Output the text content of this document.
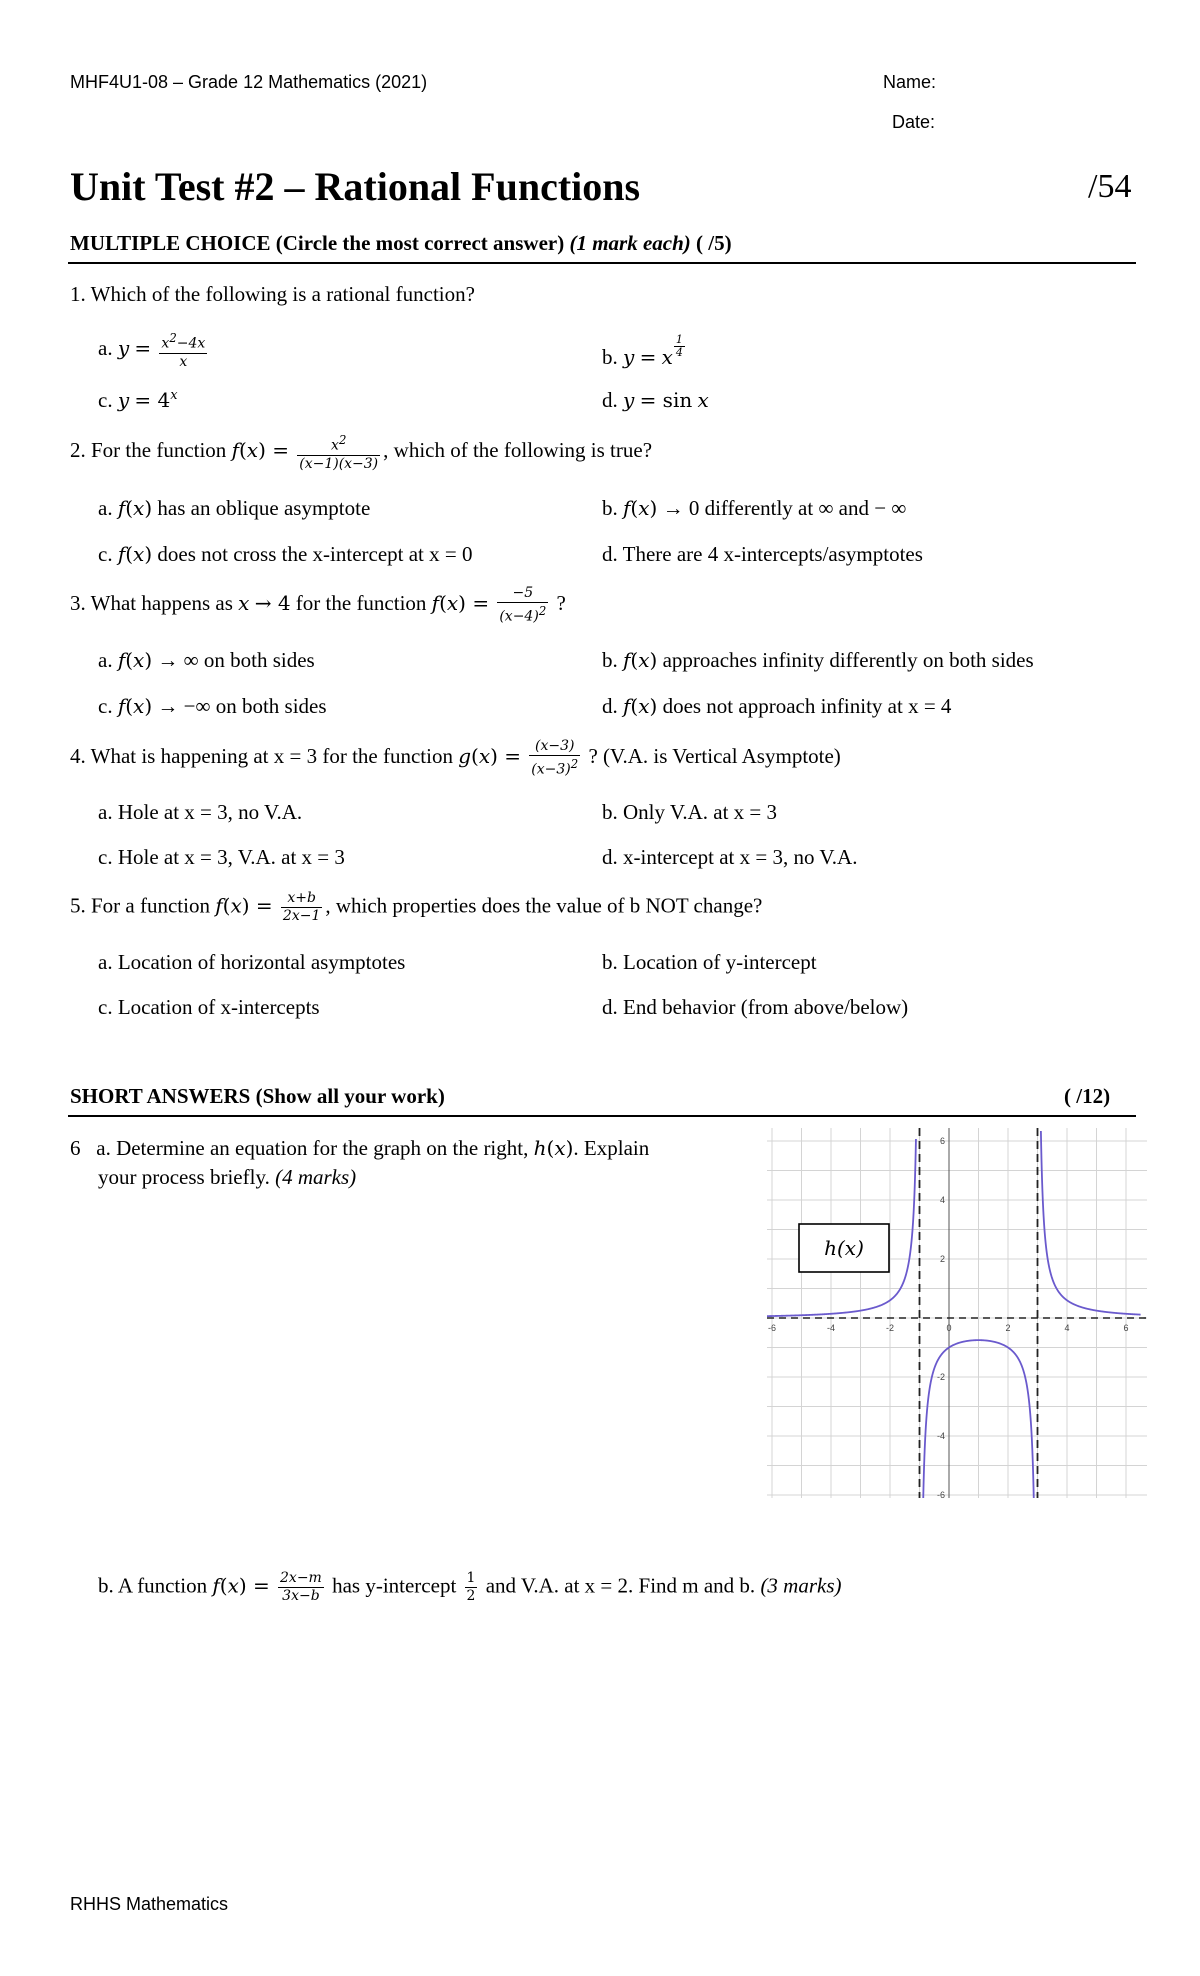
MHF4U1-08 – Grade 12 Mathematics (2021)	Name:
Date:
Unit Test #2 – Rational Functions	/54
MULTIPLE CHOICE (Circle the most correct answer) (1 mark each) ( /5)
1. Which of the following is a rational function?
a. $y = \frac{x^2-4x}{x}$	b. y = x $\frac{1}{4}$
c. $y = 4^x$	d. y = sin x
2. For the function $f(x) = \frac{x^2}{(x-1)(x-3)}$ , which of the following is true?
a. f(x) has an oblique asymptote	b. f(x) → 0 differently at ∞ and − ∞
c. f(x) does not cross the x-intercept at x = 0	d. There are 4 x-intercepts/asymptotes
3. What happens as x → 4 for the function $f(x) = \frac{-5}{(x-4)^2}$ ?
a. f(x) → ∞ on both sides	b. f(x) approaches infinity differently on both sides
c. f(x) → −∞ on both sides	d. f(x) does not approach infinity at x = 4
4. What is happening at x = 3 for the function $g(x) = \frac{(x-3)}{(x-3)^2}$ ? (V.A. is Vertical Asymptote)
a. Hole at x = 3, no V.A.	b. Only V.A. at x = 3
c. Hole at x = 3, V.A. at x = 3	d. x-intercept at x = 3, no V.A.
5. For a function $f(x) = \frac{x+b}{2x-1}$ , which properties does the value of b NOT change?
a. Location of horizontal asymptotes	b. Location of y-intercept
c. Location of x-intercepts	d. End behavior (from above/below)
SHORT ANSWERS (Show all your work)	( /12)
6 a. Determine an equation for the graph on the right, h(x). Explain
your process briefly. (4 marks)
-6	-4	-2	0	2	4	6
6
4
2
-2
-4
-6
h(x)
b. A function $f(x) = \frac{2x-m}{3x-b}$ has y-intercept $\frac{1}{2}$ and V.A. at x = 2. Find m and b. (3 marks)
RHHS Mathematics
